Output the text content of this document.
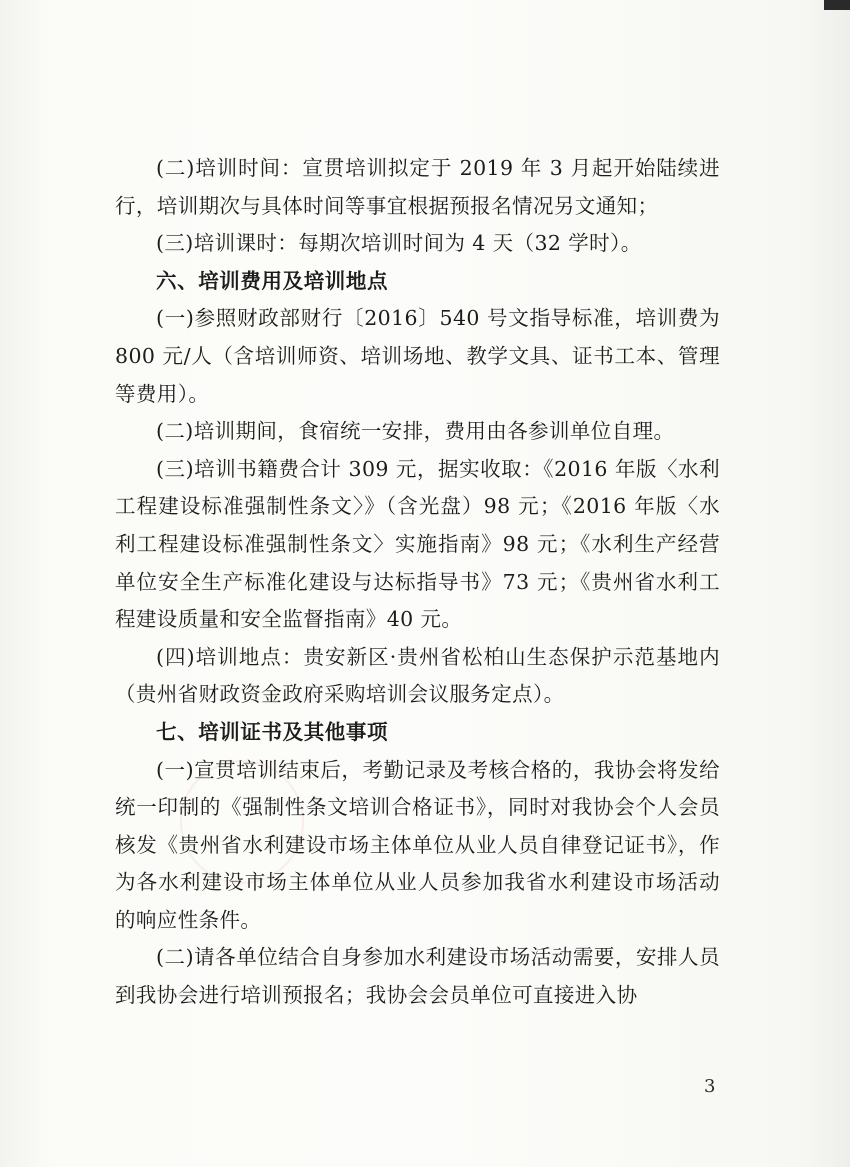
(二)培训时间：宣贯培训拟定于 2019 年 3 月起开始陆续进行，培训期次与具体时间等事宜根据预报名情况另文通知；

(三)培训课时：每期次培训时间为 4 天（32 学时）。

六、培训费用及培训地点

(一)参照财政部财行〔2016〕540 号文指导标准，培训费为 800 元/人（含培训师资、培训场地、教学文具、证书工本、管理等费用）。

(二)培训期间，食宿统一安排，费用由各参训单位自理。

(三)培训书籍费合计 309 元，据实收取：《2016 年版〈水利工程建设标准强制性条文〉》（含光盘）98 元；《2016 年版〈水利工程建设标准强制性条文〉实施指南》98 元；《水利生产经营单位安全生产标准化建设与达标指导书》73 元；《贵州省水利工程建设质量和安全监督指南》40 元。

(四)培训地点：贵安新区·贵州省松柏山生态保护示范基地内（贵州省财政资金政府采购培训会议服务定点）。

七、培训证书及其他事项

(一)宣贯培训结束后，考勤记录及考核合格的，我协会将发给统一印制的《强制性条文培训合格证书》，同时对我协会个人会员核发《贵州省水利建设市场主体单位从业人员自律登记证书》，作为各水利建设市场主体单位从业人员参加我省水利建设市场活动的响应性条件。

(二)请各单位结合自身参加水利建设市场活动需要，安排人员到我协会进行培训预报名；我协会会员单位可直接进入协

3
